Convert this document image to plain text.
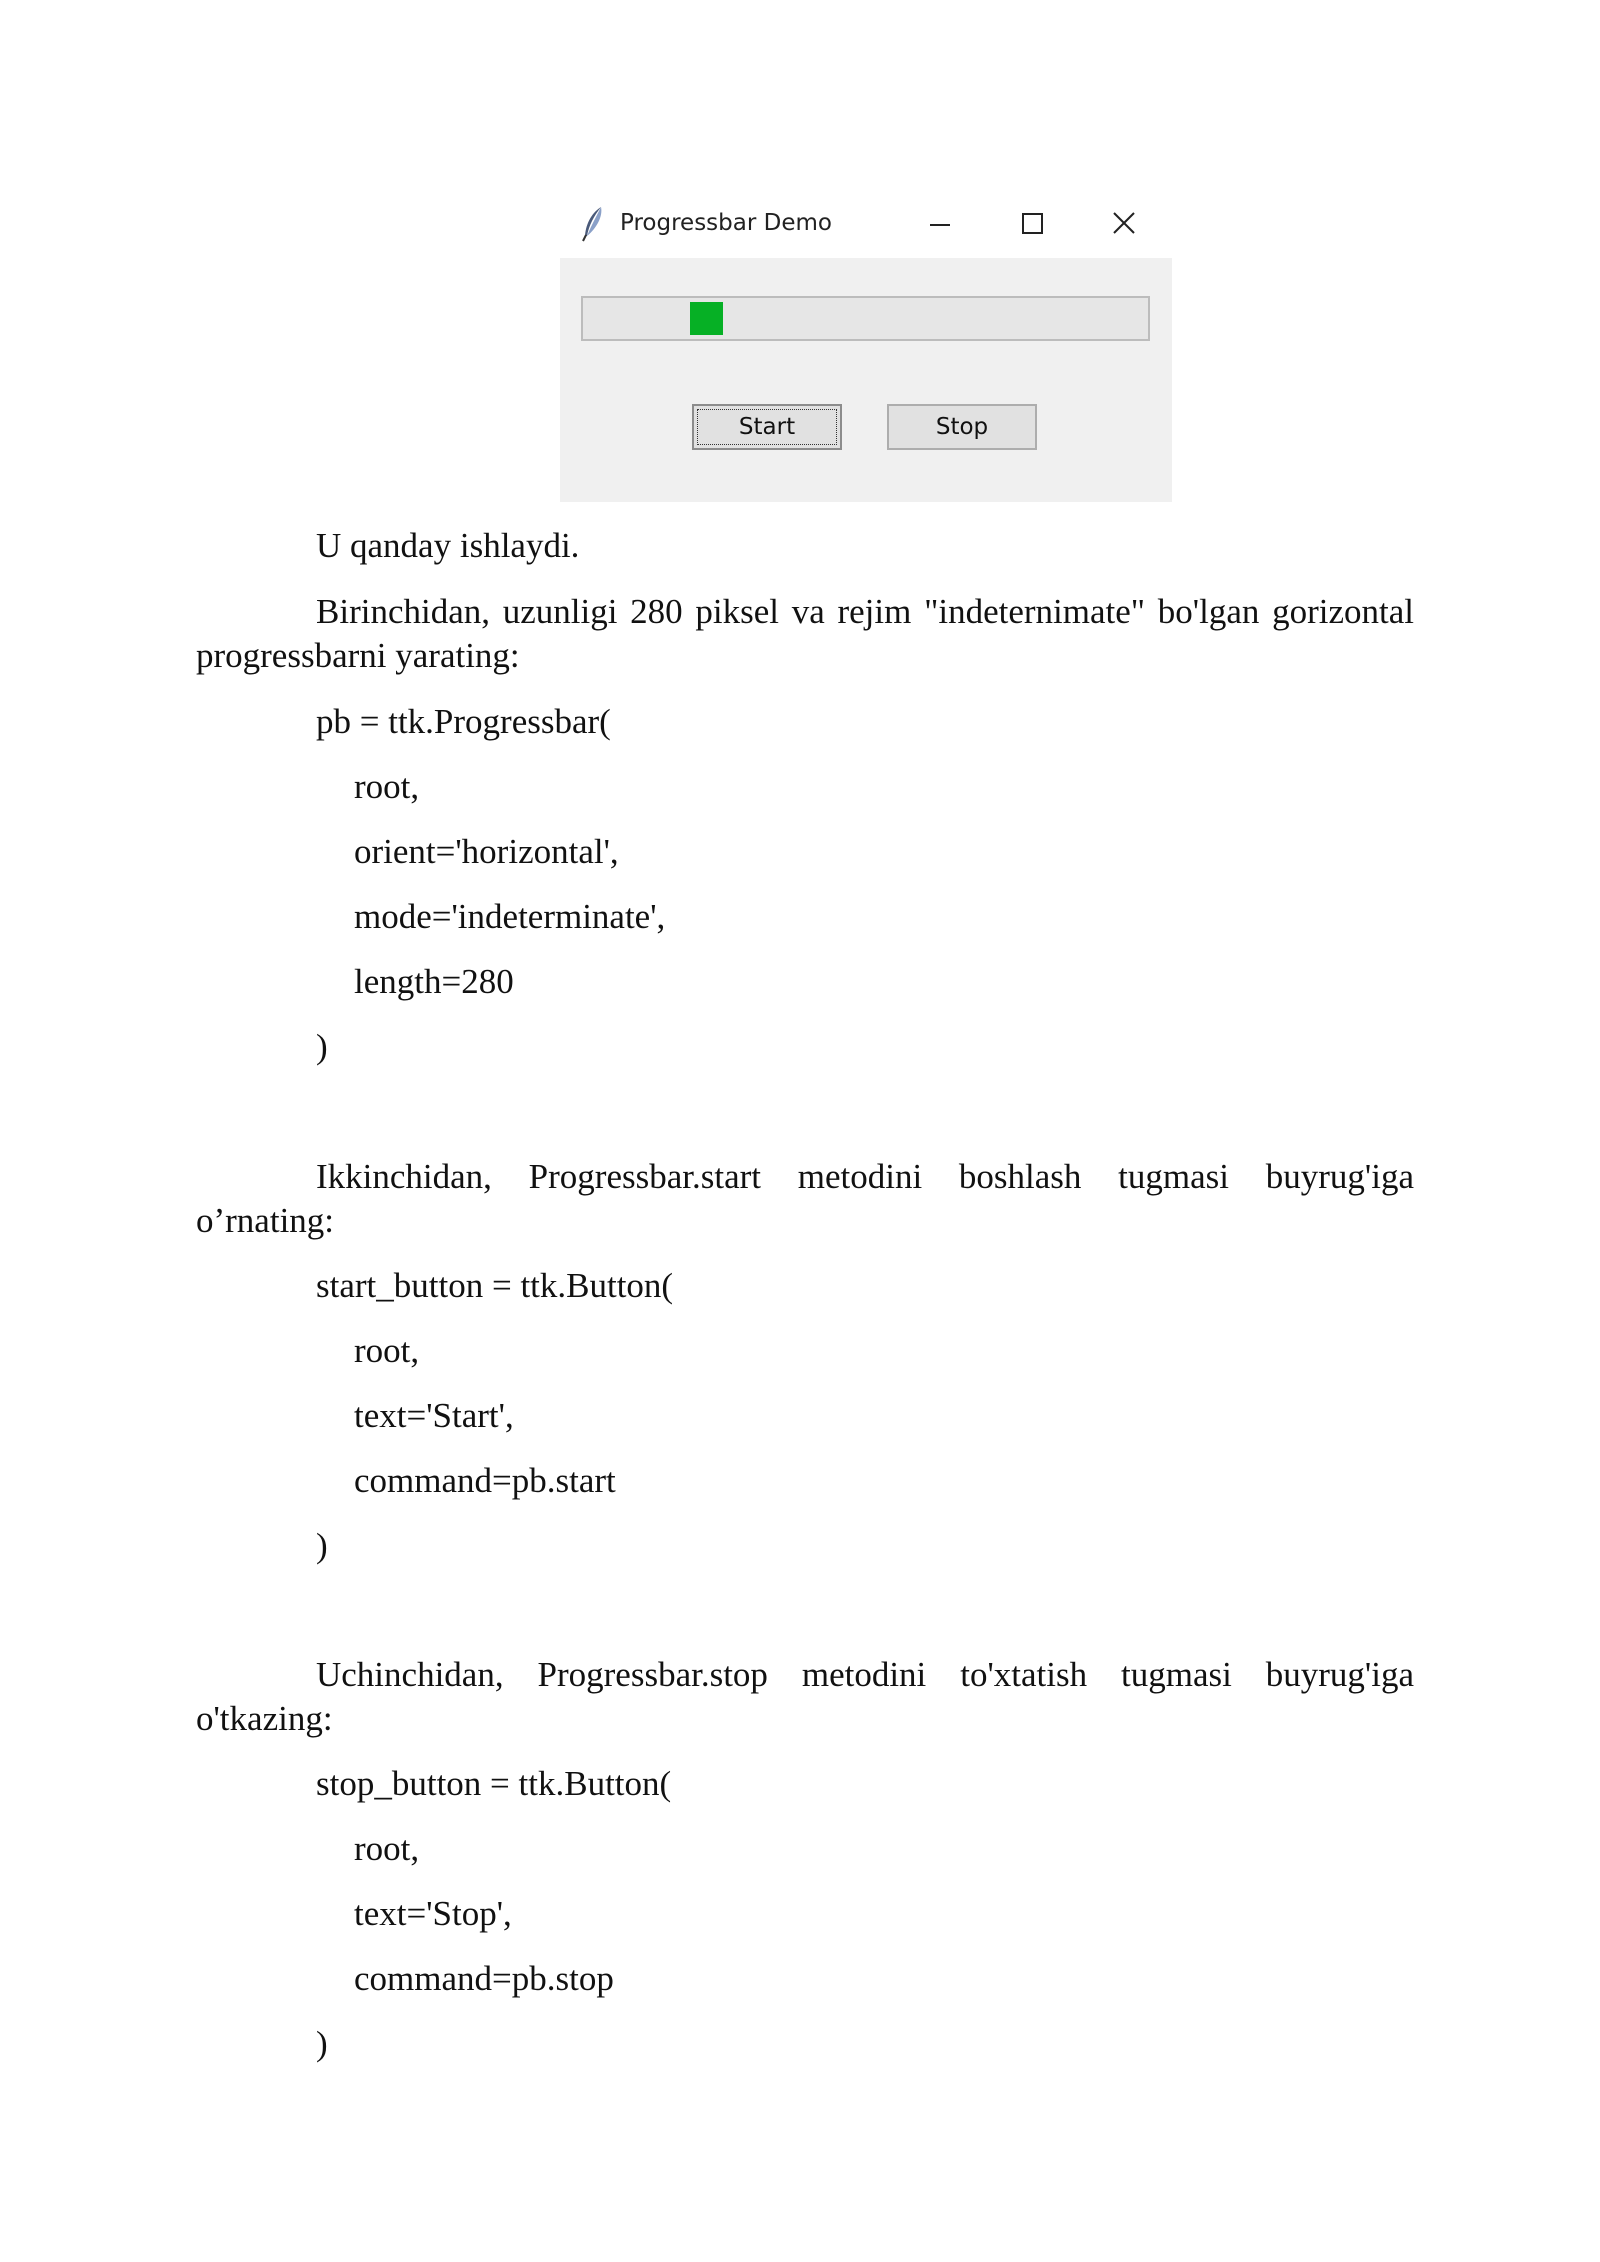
Progressbar Demo
Start	Stop
U qanday ishlaydi.
Birinchidan, uzunligi 280 piksel va rejim "indeternimate" bo'lgan gorizontal progressbarni yarating:
pb = ttk.Progressbar(
root,
orient='horizontal',
mode='indeterminate',
length=280
)
Ikkinchidan, Progressbar.start metodini boshlash tugmasi buyrug'iga o’rnating:
start_button = ttk.Button(
root,
text='Start',
command=pb.start
)
Uchinchidan, Progressbar.stop metodini to'xtatish tugmasi buyrug'iga o'tkazing:
stop_button = ttk.Button(
root,
text='Stop',
command=pb.stop
)
